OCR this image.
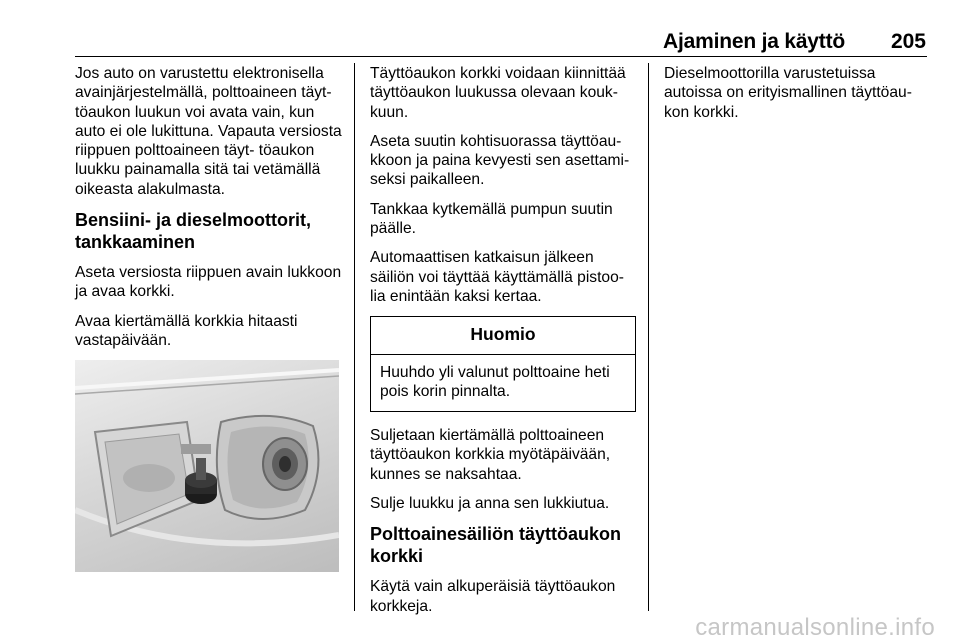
Ajaminen ja käyttö	205

Jos auto on varustettu elektronisella avainjärjestelmällä, polttoaineen täyt- töaukon luukun voi avata vain, kun auto ei ole lukittuna. Vapauta versiosta riippuen polttoaineen täyt- töaukon luukku painamalla sitä tai vetämällä oikeasta alakulmasta.

Bensiini- ja dieselmoottorit, tankkaaminen

Aseta versiosta riippuen avain lukkoon ja avaa korkki.

Avaa kiertämällä korkkia hitaasti vastapäivään.

Täyttöaukon korkki voidaan kiinnittää täyttöaukon luukussa olevaan kouk- kuun.

Aseta suutin kohtisuorassa täyttöau- kkoon ja paina kevyesti sen asettami- seksi paikalleen.

Tankkaa kytkemällä pumpun suutin päälle.

Automaattisen katkaisun jälkeen säiliön voi täyttää käyttämällä pistoo- lia enintään kaksi kertaa.

Huomio
Huuhdo yli valunut polttoaine heti pois korin pinnalta.

Suljetaan kiertämällä polttoaineen täyttöaukon korkkia myötäpäivään, kunnes se naksahtaa.

Sulje luukku ja anna sen lukkiutua.

Polttoainesäiliön täyttöaukon korkki

Käytä vain alkuperäisiä täyttöaukon korkkeja.

Dieselmoottorilla varustetuissa autoissa on erityismallinen täyttöau- kon korkki.

carmanualsonline.info
